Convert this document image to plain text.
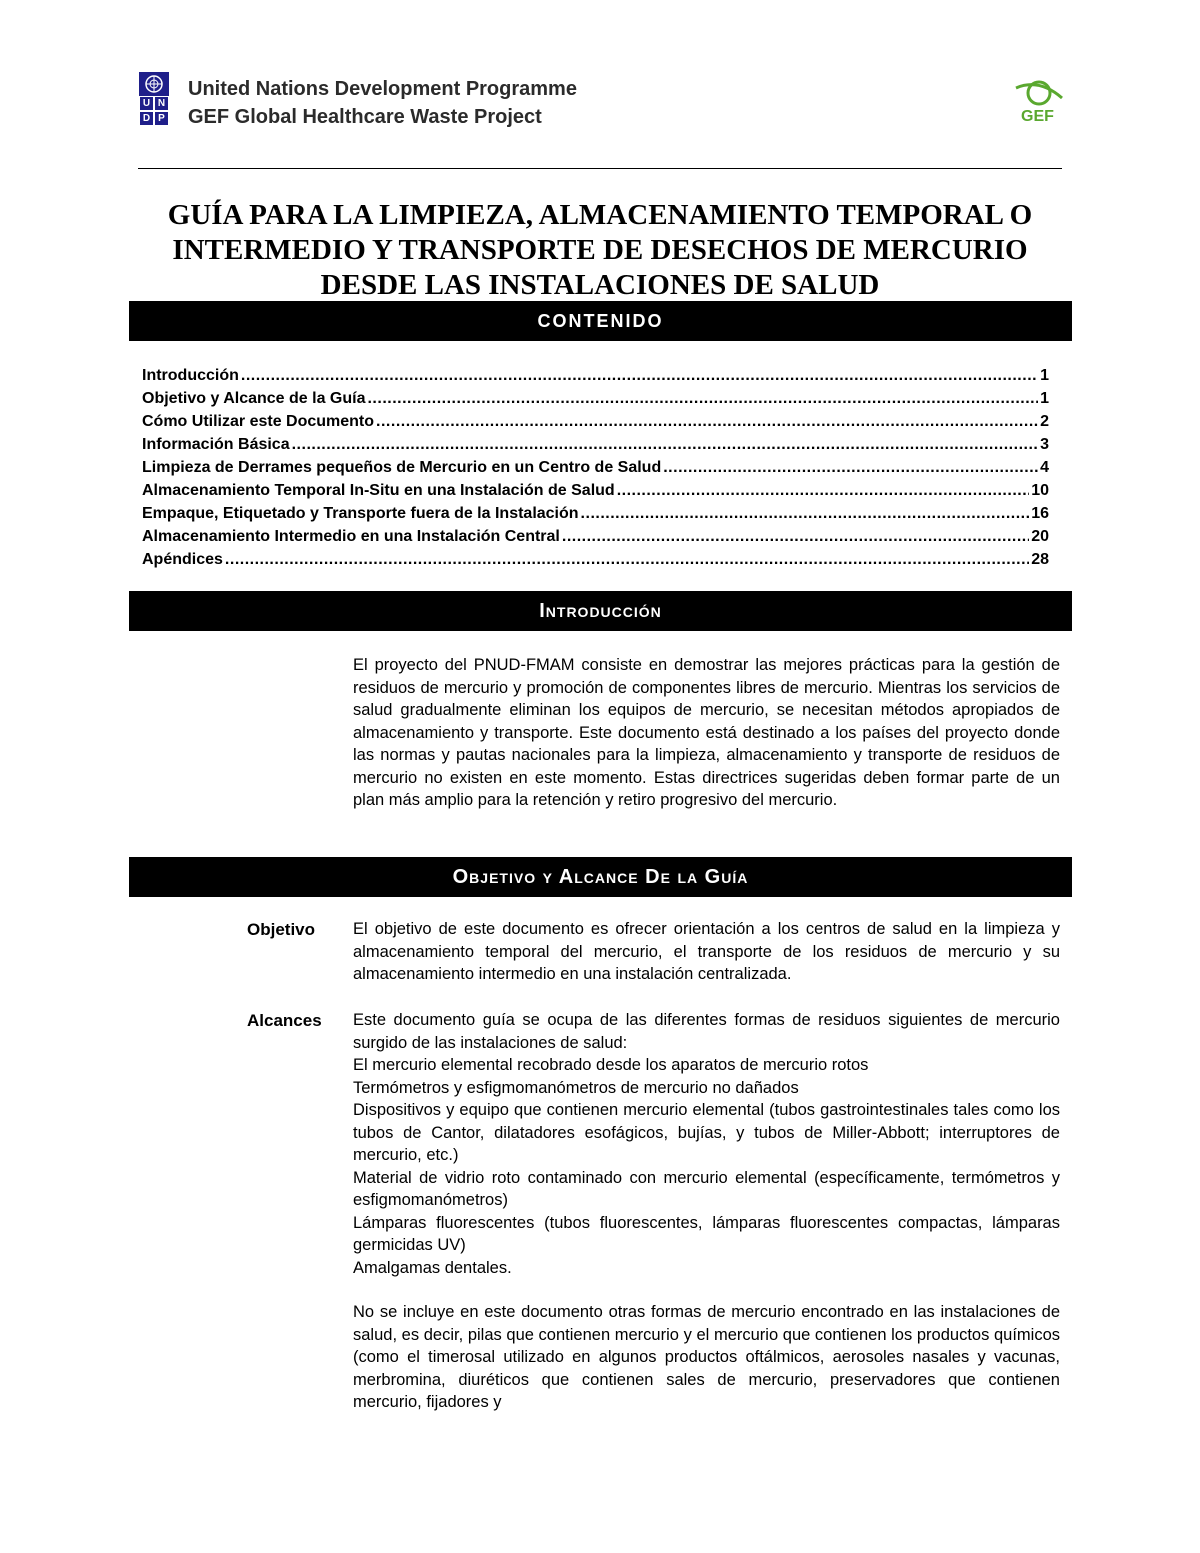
U N
D P
United Nations Development Programme
GEF Global Healthcare Waste Project	GEF
GUÍA PARA LA LIMPIEZA, ALMACENAMIENTO TEMPORAL O
INTERMEDIO Y TRANSPORTE DE DESECHOS DE MERCURIO
DESDE LAS INSTALACIONES DE SALUD
CONTENIDO
Introducción .....	1
Objetivo y Alcance de la Guía .....	1
Cómo Utilizar este Documento .....	2
Información Básica .....	3
Limpieza de Derrames pequeños de Mercurio en un Centro de Salud .....	4
Almacenamiento Temporal In-Situ en una Instalación de Salud .....	10
Empaque, Etiquetado y Transporte fuera de la Instalación .....	16
Almacenamiento Intermedio en una Instalación Central .....	20
Apéndices .....	28
Introducción
El proyecto del PNUD-FMAM consiste en demostrar las mejores prácticas para la gestión de residuos de mercurio y promoción de componentes libres de mercurio. Mientras los servicios de salud gradualmente eliminan los equipos de mercurio, se necesitan métodos apropiados de almacenamiento y transporte. Este documento está destinado a los países del proyecto donde las normas y pautas nacionales para la limpieza, almacenamiento y transporte de residuos de mercurio no existen en este momento. Estas directrices sugeridas deben formar parte de un plan más amplio para la retención y retiro progresivo del mercurio.
Objetivo y Alcance De la Guía
Objetivo El objetivo de este documento es ofrecer orientación a los centros de salud en la limpieza y almacenamiento temporal del mercurio, el transporte de los residuos de mercurio y su almacenamiento intermedio en una instalación centralizada.
Alcances Este documento guía se ocupa de las diferentes formas de residuos siguientes de mercurio surgido de las instalaciones de salud:
El mercurio elemental recobrado desde los aparatos de mercurio rotos
Termómetros y esfigmomanómetros de mercurio no dañados
Dispositivos y equipo que contienen mercurio elemental (tubos gastrointestinales tales como los tubos de Cantor, dilatadores esofágicos, bujías, y tubos de Miller-Abbott; interruptores de mercurio, etc.)
Material de vidrio roto contaminado con mercurio elemental (específicamente, termómetros y esfigmomanómetros)
Lámparas fluorescentes (tubos fluorescentes, lámparas fluorescentes compactas, lámparas germicidas UV)
Amalgamas dentales.
No se incluye en este documento otras formas de mercurio encontrado en las instalaciones de salud, es decir, pilas que contienen mercurio y el mercurio que contienen los productos químicos (como el timerosal utilizado en algunos productos oftálmicos, aerosoles nasales y vacunas, merbromina, diuréticos que contienen sales de mercurio, preservadores que contienen mercurio, fijadores y
